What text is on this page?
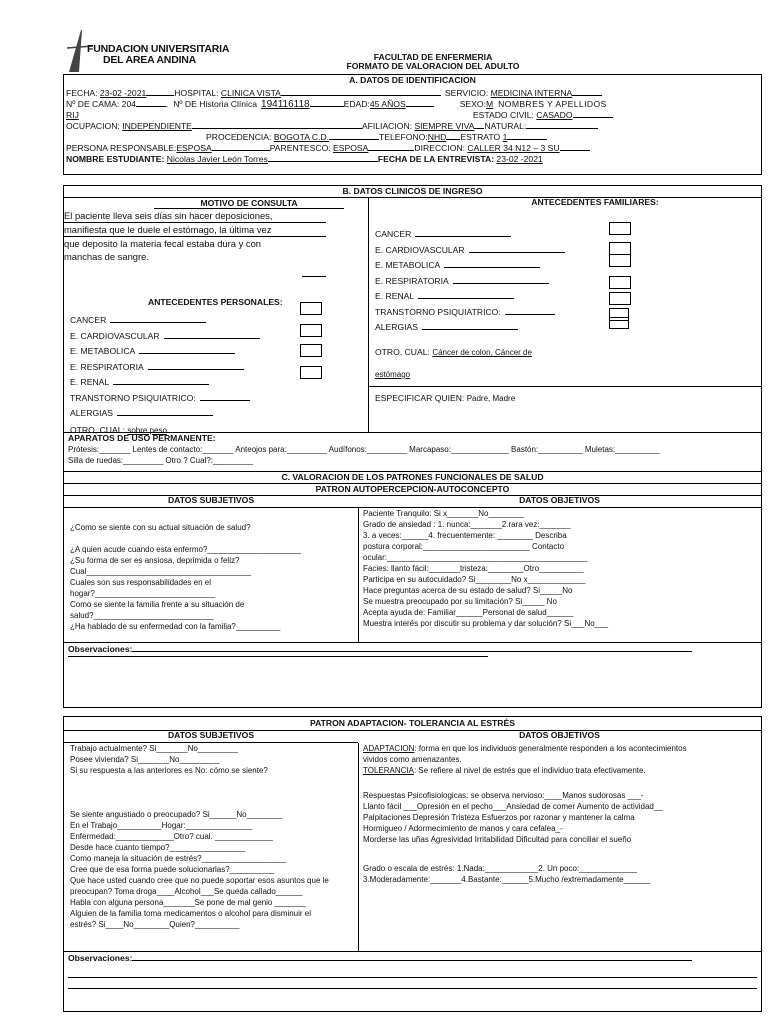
FUNDACION UNIVERSITARIA
DEL AREA ANDINA	FACULTAD DE ENFERMERIA
FORMATO DE VALORACION DEL ADULTO
A. DATOS DE IDENTIFICACION
FECHA: 23-02 -2021	HOSPITAL: CLINICA VISTA	SERVICIO: MEDICINA INTERNA
Nº DE CAMA: 204	.  Nº DE Historia Clínica 194116118	EDAD:45 AÑOS	SEXO:M NOMBRES Y APELLIDOS
RIJ	ESTADO CIVIL: CASADO
OCUPACION: INDEPENDIENTE	AFILIACION: SIEMPRE VIVA NATURAL:
PROCEDENCIA: BOGOTA C.D.	TELEFONO:NHD ESTRATO 1
PERSONA RESPONSABLE:ESPOSA	PARENTESCO: ESPOSA	DIRECCION: CALLER 34 N12 – 3 SU
NOMBRE ESTUDIANTE: Nicolas Javier León Torres	FECHA DE LA ENTREVISTA: 23-02 -2021
B. DATOS CLINICOS DE INGRESO
MOTIVO DE CONSULTA
El paciente lleva seis días sin hacer deposiciones,
manifiesta que le duele el estómago, la última vez
que deposito la materia fecal estaba dura y con
manchas de sangre.
ANTECEDENTES PERSONALES:
CANCER
E. CARDIOVASCULAR
E. METABOLICA
E. RESPIRATORIA
E. RENAL
TRANSTORNO PSIQUIATRICO:
ALERGIAS
OTRO, CUAL: sobre peso
ANTECEDENTES FAMILIARES:
CANCER
E. CARDIOVASCULAR
E. METABOLICA
E. RESPIRATORIA
E. RENAL
TRANSTORNO PSIQUIATRICO:
ALERGIAS
OTRO, CUAL: Cáncer de colon, Cáncer de
estómago
ESPECIFICAR QUIEN: Padre, Madre
APARATOS DE USO PERMANENTE:
Prótesis:_______ Lentes de contacto:_______ Anteojos para:_________ Audífonos:_________ Marcapaso:_____________ Bastón:__________ Muletas:__________
Silla de ruedas:_________ Otro ? Cual?:_________
C. VALORACION DE LOS PATRONES FUNCIONALES DE SALUD
PATRON AUTOPERCEPCION-AUTOCONCEPTO
DATOS SUBJETIVOS	DATOS OBJETIVOS
¿Como se siente con su actual situación de salud?
¿A quien acude cuando esta enfermo?_____________________
¿Su forma de ser es ansiosa, deprimida o feliz?
Cual_____________________________________
Cuales son sus responsabilidades en el
hogar?___________________________
Como se siente la familia frente a su situación de
salud?___________________________
¿Ha hablado de su enfermedad con la familia?__________
Paciente Tranquilo: Si x_______No________
Grado de ansiedad : 1. nunca:_______2.rara vez:_______
3. a veces:______4. frecuentemente: ________ Describa
postura corporal:________________________ Contacto
ocular:_____________________________________________
Facies: llanto fácil:_______tristeza:________Otro__________
Participa en su autocuidado? Si________No x_____________
Hace preguntas acerca de su estado de salud? Si_____No
Se muestra preocupado por su limitación? Si_____ No
Acepta ayuda de: Familiar______Personal de salud______
Muestra interés por discutir su problema y dar solución? Si___No___
Observaciones:
PATRON ADAPTACION- TOLERANCIA AL ESTRÉS
DATOS SUBJETIVOS	DATOS OBJETIVOS
Trabajo actualmente? Si_______No_________
Posee vivienda? Si_______No_________
Si su respuesta a las anteriores es No: cómo se siente?
Se siente angustiado o preocupado? Si______No________
En el Trabajo__________Hogar:_______________
Enfermedad:_____________Otro? cual. _____________
Desde hace cuanto tiempo?_________________
Como maneja la situación de estrés?___________________
Cree que de esa forma puede solucionarlas?__________
Que hace usted cuando cree que no puede soportar esos asuntos que le
preocupan? Toma droga____Alcohol___Se queda callado______
Habla con alguna persona_______Se pone de mal genio _______
Alguien de la familia toma medicamentos o alcohol para disminuir el
estrés? Si____No________Quien?__________
ADAPTACION: forma en que los individuos generalmente responden a los acontecimientos
vividos como amenazantes.
TOLERANCIA: Se refiere al nivel de estrés que el individuo trata efectivamente.
Respuestas Psicofisiologicas: se observa nervioso:____Manos sudorosas ___-
Llanto fácil ___Opresión en el pecho___Ansiedad de comer Aumento de actividad__
Palpitaciones Depresión Tristeza Esfuerzos por razonar y mantener la calma
Hormigueo / Adormecimiento de manos y cara cefalea_-
Morderse las uñas Agresividad Irritabilidad Dificultad para conciliar el sueño
Grado o escala de estrés: 1.Nada:____________2. Un poco:_____________
3.Moderadamente:_______4.Bastante:______5.Mucho /extremadamente______
Observaciones:
